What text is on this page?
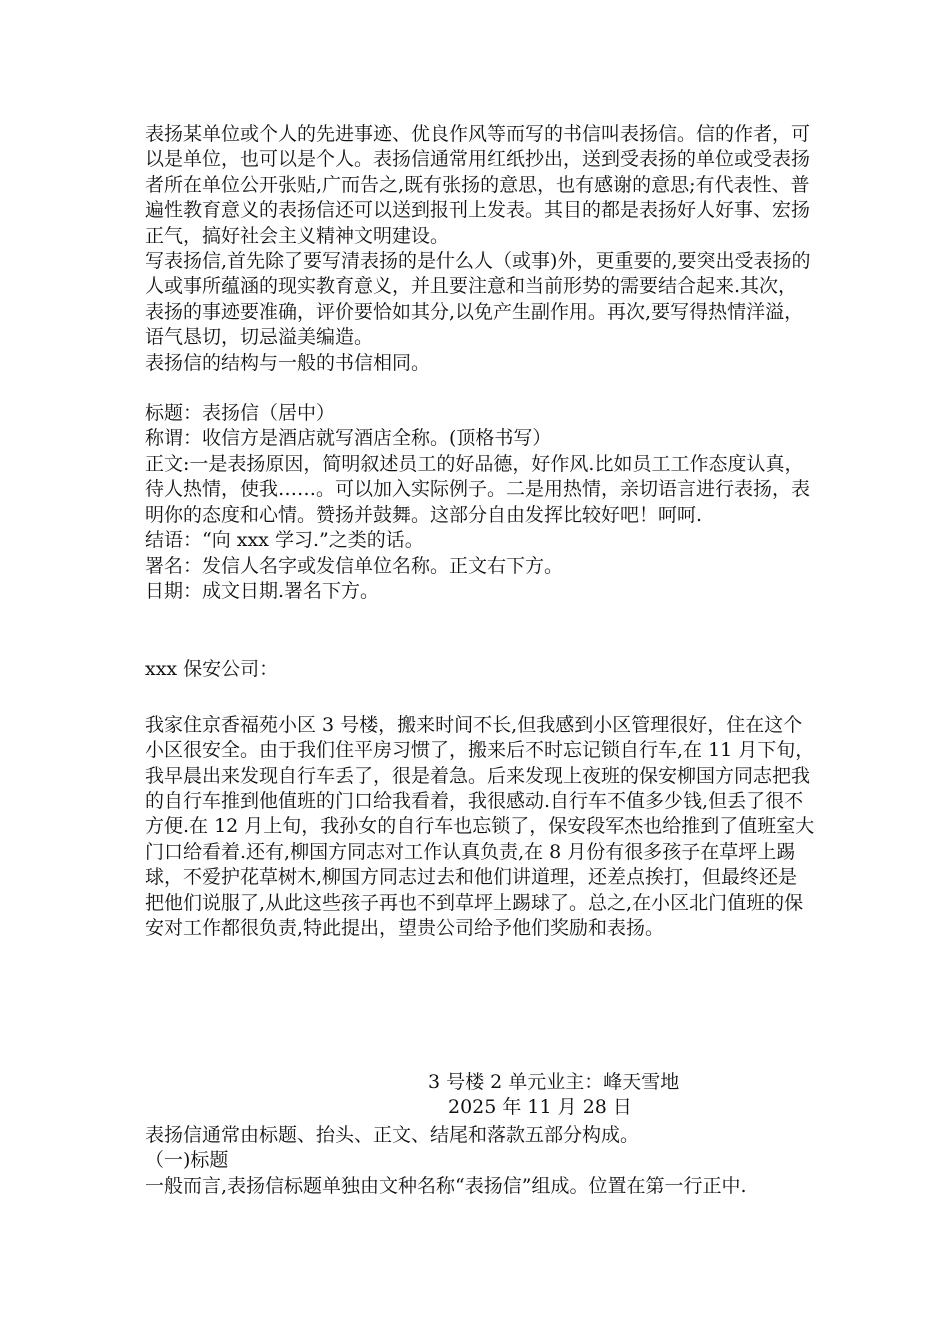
表扬某单位或个人的先进事迹、优良作风等而写的书信叫表扬信。信的作者，可以是单位，也可以是个人。表扬信通常用红纸抄出，送到受表扬的单位或受表扬者所在单位公开张贴,广而告之,既有张扬的意思，也有感谢的意思;有代表性、普遍性教育意义的表扬信还可以送到报刊上发表。其目的都是表扬好人好事、宏扬正气，搞好社会主义精神文明建设。

写表扬信,首先除了要写清表扬的是什么人（或事)外，更重要的,要突出受表扬的人或事所蕴涵的现实教育意义，并且要注意和当前形势的需要结合起来.其次，表扬的事迹要准确，评价要恰如其分,以免产生副作用。再次,要写得热情洋溢，语气恳切，切忌溢美编造。

表扬信的结构与一般的书信相同。

标题：表扬信（居中）

称谓：收信方是酒店就写酒店全称。(顶格书写）

正文:一是表扬原因，简明叙述员工的好品德，好作风.比如员工工作态度认真，待人热情，使我……。可以加入实际例子。二是用热情，亲切语言进行表扬，表明你的态度和心情。赞扬并鼓舞。这部分自由发挥比较好吧！呵呵.

结语：“向 xxx 学习.”之类的话。

署名：发信人名字或发信单位名称。正文右下方。

日期：成文日期.署名下方。

xxx 保安公司：

我家住京香福苑小区 3 号楼，搬来时间不长,但我感到小区管理很好，住在这个小区很安全。由于我们住平房习惯了，搬来后不时忘记锁自行车,在 11 月下旬，我早晨出来发现自行车丢了，很是着急。后来发现上夜班的保安柳国方同志把我的自行车推到他值班的门口给我看着，我很感动.自行车不值多少钱,但丢了很不方便.在 12 月上旬，我孙女的自行车也忘锁了，保安段军杰也给推到了值班室大门口给看着.还有,柳国方同志对工作认真负责,在 8 月份有很多孩子在草坪上踢球，不爱护花草树木,柳国方同志过去和他们讲道理，还差点挨打，但最终还是把他们说服了,从此这些孩子再也不到草坪上踢球了。总之,在小区北门值班的保安对工作都很负责,特此提出，望贵公司给予他们奖励和表扬。

3 号楼 2 单元业主：峰天雪地

2025 年 11 月 28 日

表扬信通常由标题、抬头、正文、结尾和落款五部分构成。

（一)标题

一般而言,表扬信标题单独由文种名称“表扬信”组成。位置在第一行正中.
